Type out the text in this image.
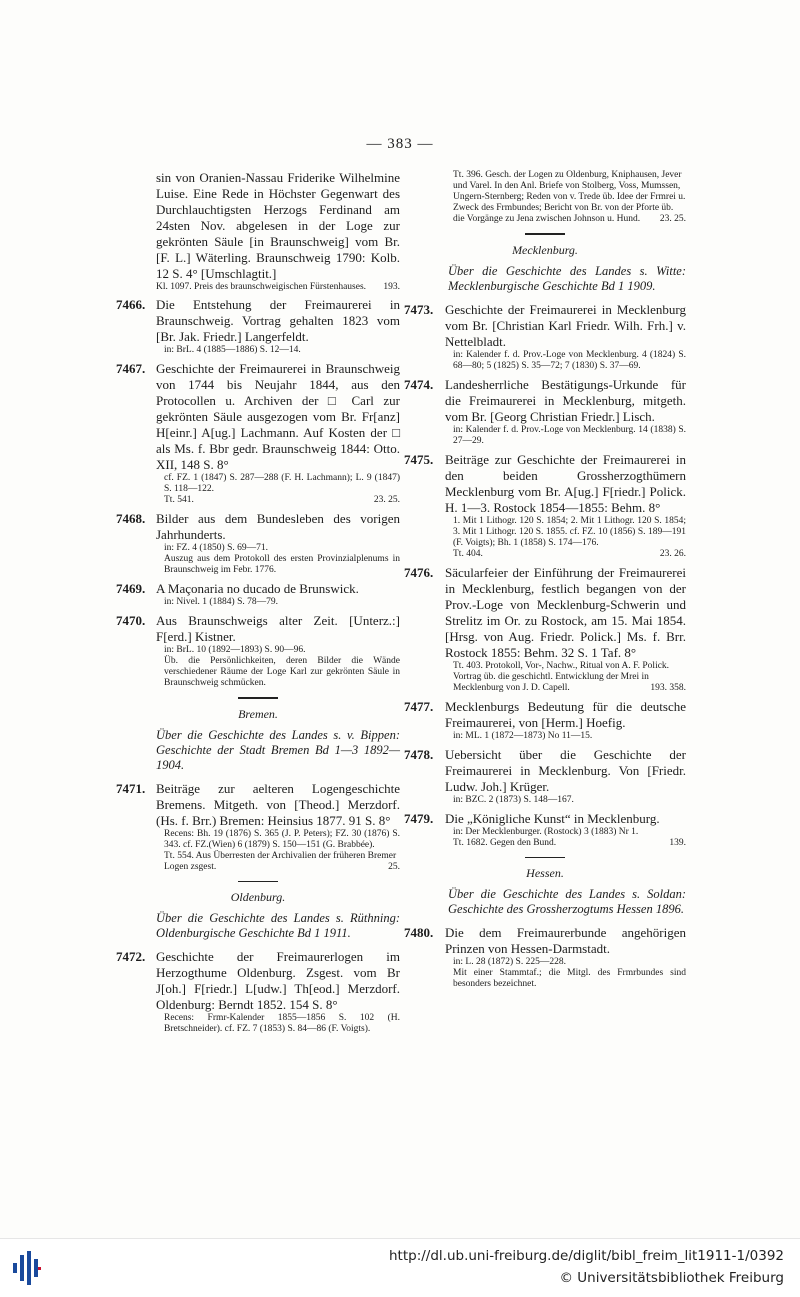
— 383 —
sin von Oranien-Nassau Friderike Wilhelmine Luise. Eine Rede in Höchster Gegenwart des Durchlauchtigsten Herzogs Ferdinand am 24sten Nov. abgelesen in der Loge zur gekrönten Säule [in Braunschweig] vom Br. [F. L.] Wäterling. Braunschweig 1790: Kolb. 12 S. 4° [Umschlagtit.]
Kl. 1097. Preis des braunschweigischen Fürstenhauses. 193.
7466. Die Entstehung der Freimaurerei in Braunschweig. Vortrag gehalten 1823 vom [Br. Jak. Friedr.] Langerfeldt.
in: BrL. 4 (1885—1886) S. 12—14.
7467. Geschichte der Freimaurerei in Braunschweig von 1744 bis Neujahr 1844, aus den Protocollen u. Archiven der □ Carl zur gekrönten Säule ausgezogen vom Br. Fr[anz] H[einr.] A[ug.] Lachmann. Auf Kosten der □ als Ms. f. Bbr gedr. Braunschweig 1844: Otto. XII, 148 S. 8°
cf. FZ. 1 (1847) S. 287—288 (F. H. Lachmann); L. 9 (1847) S. 118—122.
Tt. 541.	23. 25.
7468. Bilder aus dem Bundesleben des vorigen Jahrhunderts.
in: FZ. 4 (1850) S. 69—71.
Auszug aus dem Protokoll des ersten Provinzialplenums in Braunschweig im Febr. 1776.
7469. A Maçonaria no ducado de Brunswick.
in: Nivel. 1 (1884) S. 78—79.
7470. Aus Braunschweigs alter Zeit. [Unterz.:] F[erd.] Kistner.
in: BrL. 10 (1892—1893) S. 90—96.
Üb. die Persönlichkeiten, deren Bilder die Wände verschiedener Räume der Loge Karl zur gekrönten Säule in Braunschweig schmücken.
Bremen.
Über die Geschichte des Landes s. v. Bippen: Geschichte der Stadt Bremen Bd 1—3 1892—1904.
7471. Beiträge zur aelteren Logengeschichte Bremens. Mitgeth. von [Theod.] Merzdorf. (Hs. f. Brr.) Bremen: Heinsius 1877. 91 S. 8°
Recens: Bh. 19 (1876) S. 365 (J. P. Peters); FZ. 30 (1876) S. 343. cf. FZ.(Wien) 6 (1879) S. 150—151 (G. Brabbée).
Tt. 554. Aus Überresten der Archivalien der früheren Bremer Logen zsgest.	25.
Oldenburg.
Über die Geschichte des Landes s. Rüthning: Oldenburgische Geschichte Bd 1 1911.
7472. Geschichte der Freimaurerlogen im Herzogthume Oldenburg. Zsgest. vom Br J[oh.] F[riedr.] L[udw.] Th[eod.] Merzdorf. Oldenburg: Berndt 1852. 154 S. 8°
Recens: Frmr-Kalender 1855—1856 S. 102 (H. Bretschneider). cf. FZ. 7 (1853) S. 84—86 (F. Voigts).
Tt. 396. Gesch. der Logen zu Oldenburg, Kniphausen, Jever und Varel. In den Anl. Briefe von Stolberg, Voss, Mumssen, Ungern-Sternberg; Reden von v. Trede üb. Idee der Frmrei u. Zweck des Frmbundes; Bericht von Br. von der Pforte üb. die Vorgänge zu Jena zwischen Johnson u. Hund. 23. 25.
Mecklenburg.
Über die Geschichte des Landes s. Witte: Mecklenburgische Geschichte Bd 1 1909.
7473. Geschichte der Freimaurerei in Mecklenburg vom Br. [Christian Karl Friedr. Wilh. Frh.] v. Nettelbladt.
in: Kalender f. d. Prov.-Loge von Mecklenburg. 4 (1824) S. 68—80; 5 (1825) S. 35—72; 7 (1830) S. 37—69.
7474. Landesherrliche Bestätigungs-Urkunde für die Freimaurerei in Mecklenburg, mitgeth. vom Br. [Georg Christian Friedr.] Lisch.
in: Kalender f. d. Prov.-Loge von Mecklenburg. 14 (1838) S. 27—29.
7475. Beiträge zur Geschichte der Freimaurerei in den beiden Grossherzogthümern Mecklenburg vom Br. A[ug.] F[riedr.] Polick. H. 1—3. Rostock 1854—1855: Behm. 8°
1. Mit 1 Lithogr. 120 S. 1854; 2. Mit 1 Lithogr. 120 S. 1854; 3. Mit 1 Lithogr. 120 S. 1855. cf. FZ. 10 (1856) S. 189—191 (F. Voigts); Bh. 1 (1858) S. 174—176.
Tt. 404.	23. 26.
7476. Säcularfeier der Einführung der Freimaurerei in Mecklenburg, festlich begangen von der Prov.-Loge von Mecklenburg-Schwerin und Strelitz im Or. zu Rostock, am 15. Mai 1854. [Hrsg. von Aug. Friedr. Polick.] Ms. f. Brr. Rostock 1855: Behm. 32 S. 1 Taf. 8°
Tt. 403. Protokoll, Vor-, Nachw., Ritual von A. F. Polick. Vortrag üb. die geschichtl. Entwicklung der Mrei in Mecklenburg von J. D. Capell.	193. 358.
7477. Mecklenburgs Bedeutung für die deutsche Freimaurerei, von [Herm.] Hoefig.
in: ML. 1 (1872—1873) No 11—15.
7478. Uebersicht über die Geschichte der Freimaurerei in Mecklenburg. Von [Friedr. Ludw. Joh.] Krüger.
in: BZC. 2 (1873) S. 148—167.
7479. Die „Königliche Kunst“ in Mecklenburg.
in: Der Mecklenburger. (Rostock) 3 (1883) Nr 1.
Tt. 1682. Gegen den Bund.	139.
Hessen.
Über die Geschichte des Landes s. Soldan: Geschichte des Grossherzogtums Hessen 1896.
7480. Die dem Freimaurerbunde angehörigen Prinzen von Hessen-Darmstadt.
in: L. 28 (1872) S. 225—228.
Mit einer Stammtaf.; die Mitgl. des Frmrbundes sind besonders bezeichnet.
http://dl.ub.uni-freiburg.de/diglit/bibl_freim_lit1911-1/0392
© Universitätsbibliothek Freiburg
